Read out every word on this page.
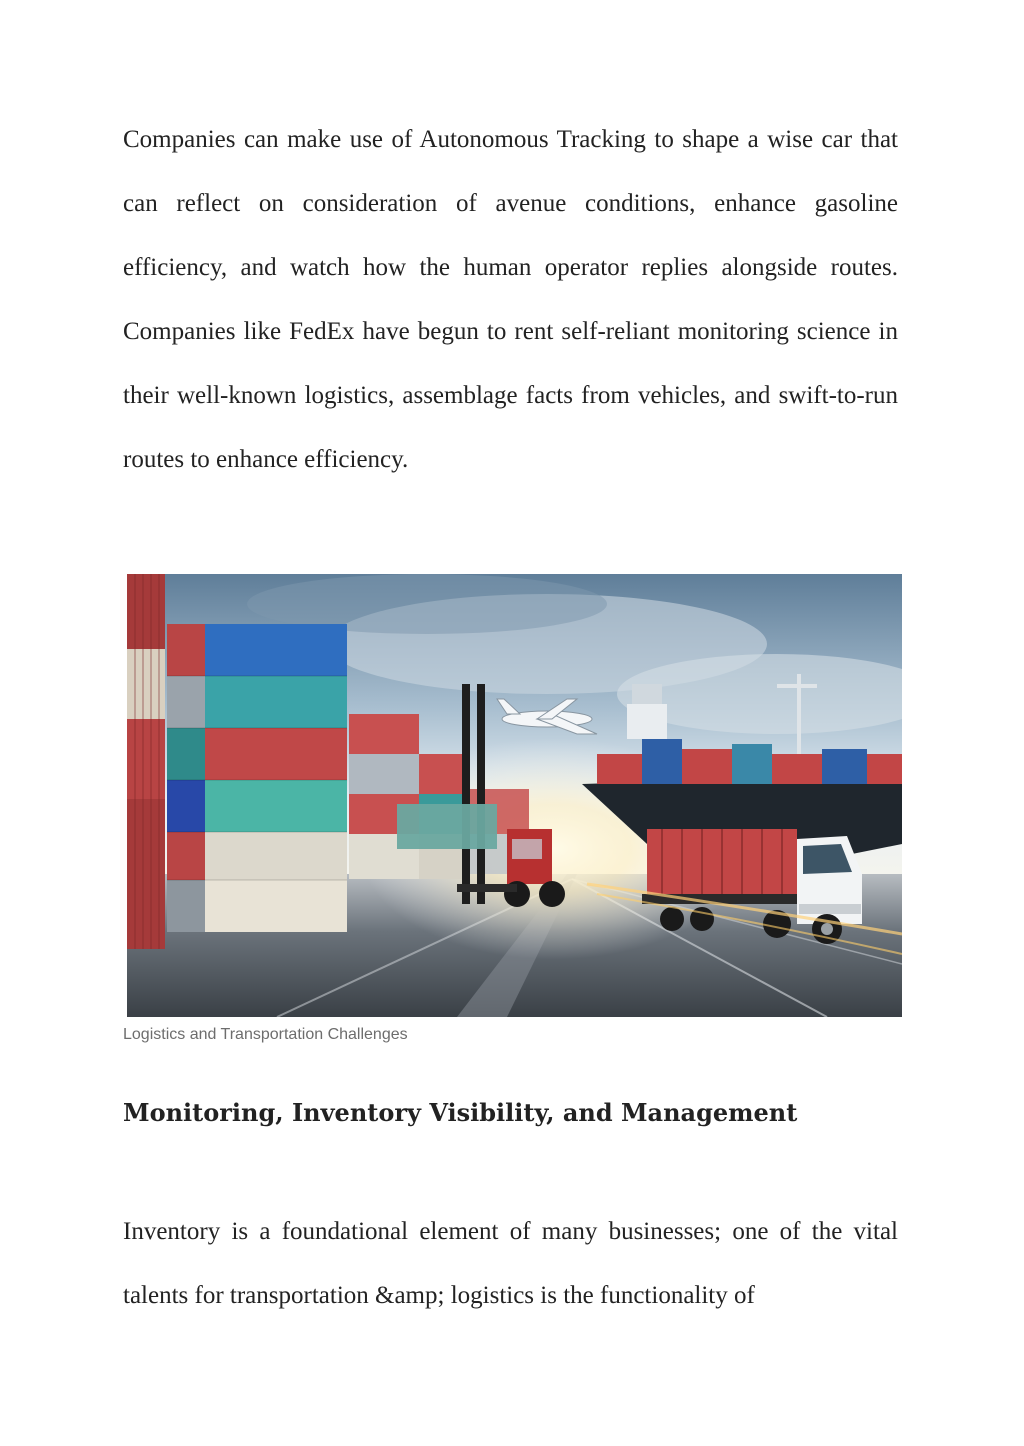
Companies can make use of Autonomous Tracking to shape a wise car that can reflect on consideration of avenue conditions, enhance gasoline efficiency, and watch how the human operator replies alongside routes. Companies like FedEx have begun to rent self-reliant monitoring science in their well-known logistics, assemblage facts from vehicles, and swift-to-run routes to enhance efficiency.

Logistics and Transportation Challenges

Monitoring, Inventory Visibility, and Management

Inventory is a foundational element of many businesses; one of the vital talents for transportation &amp; logistics is the functionality of
